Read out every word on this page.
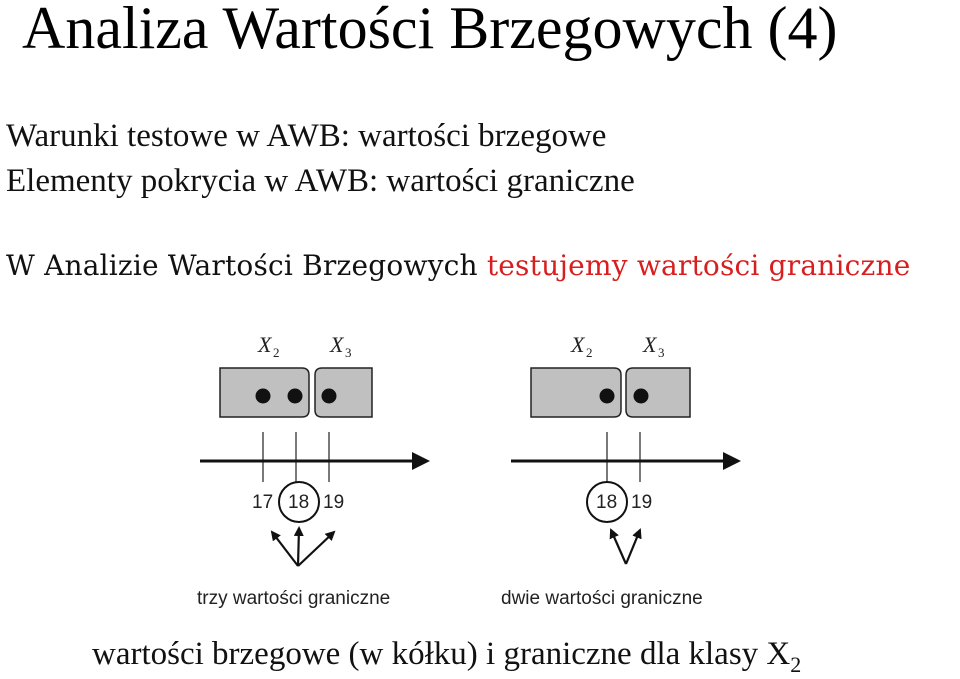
Analiza Wartości Brzegowych (4)

Warunki testowe w AWB: wartości brzegowe

Elementy pokrycia w AWB: wartości graniczne

W Analizie Wartości Brzegowych testujemy wartości graniczne

X 2 X 3
17 18 19
trzy wartości graniczne
X 2 X 3
18 19
dwie wartości graniczne

wartości brzegowe (w kółku) i graniczne dla klasy $X_2$
